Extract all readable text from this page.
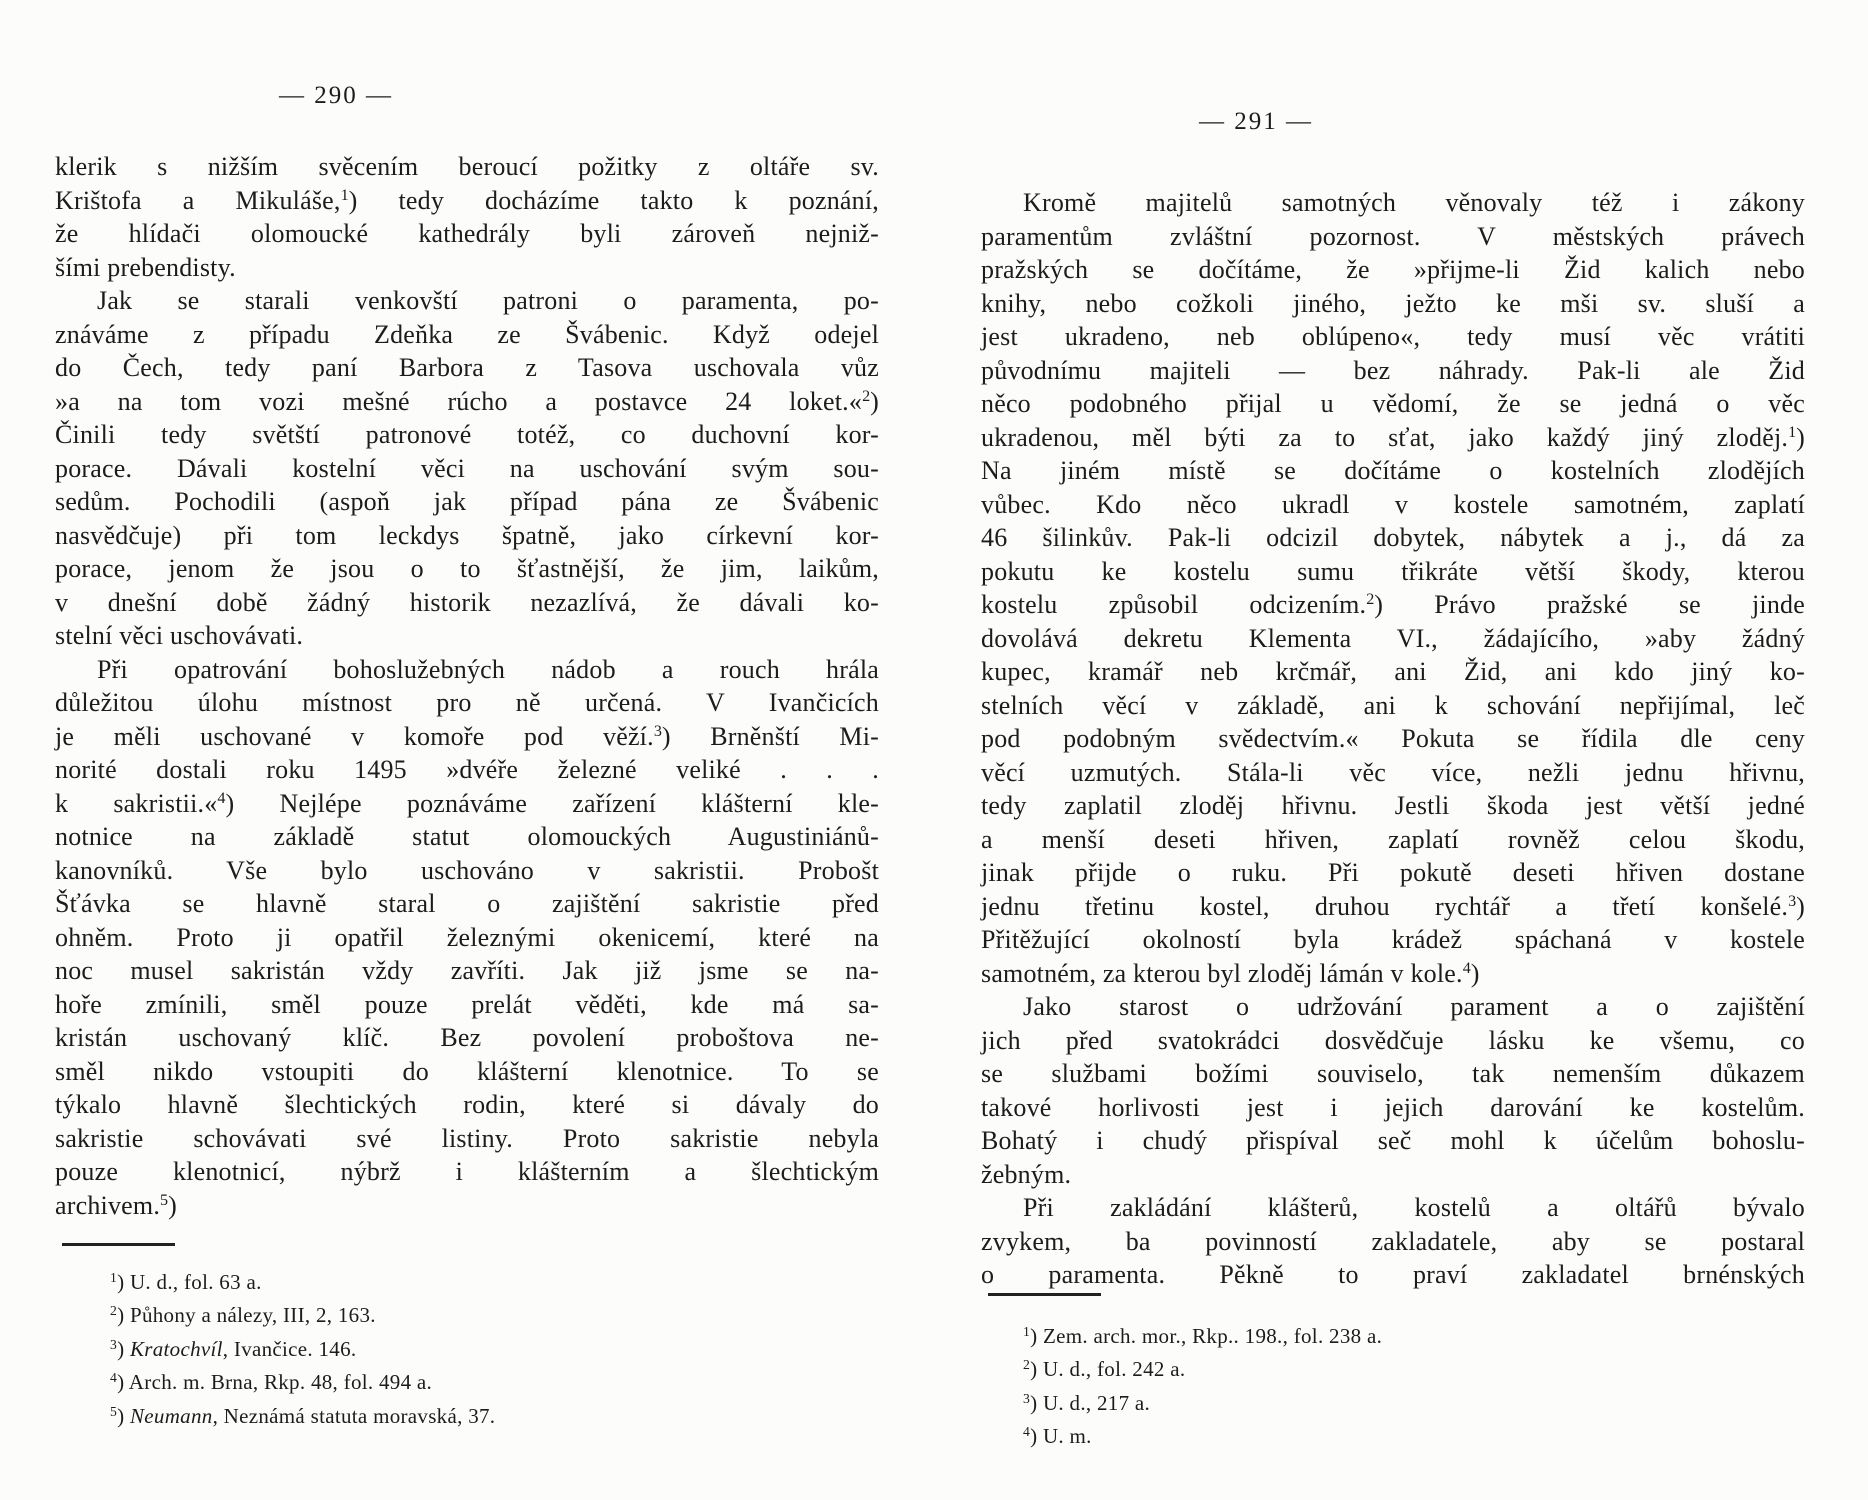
— 290 —
klerik s nižším svěcením beroucí požitky z oltáře sv.
Krištofa a Mikuláše,$^1$) tedy docházíme takto k poznání,
že hlídači olomoucké kathedrály byli zároveň nejniž-
šími prebendisty.
Jak se starali venkovští patroni o paramenta, po-
znáváme z případu Zdeňka ze Švábenic. Když odejel
do Čech, tedy paní Barbora z Tasova uschovala vůz
»a na tom vozi mešné rúcho a postavce 24 loket.«$^2$)
Činili tedy světští patronové totéž, co duchovní kor-
porace. Dávali kostelní věci na uschování svým sou-
sedům. Pochodili (aspoň jak případ pána ze Švábenic
nasvědčuje) při tom leckdys špatně, jako církevní kor-
porace, jenom že jsou o to šťastnější, že jim, laikům,
v dnešní době žádný historik nezazlívá, že dávali ko-
stelní věci uschovávati.
Při opatrování bohoslužebných nádob a rouch hrála
důležitou úlohu místnost pro ně určená. V Ivančicích
je měli uschované v komoře pod věží.$^3$) Brněnští Mi-
norité dostali roku 1495 »dvéře železné veliké . . .
k sakristii.«$^4$) Nejlépe poznáváme zařízení klášterní kle-
notnice na základě statut olomouckých Augustiniánů-
kanovníků. Vše bylo uschováno v sakristii. Probošt
Šťávka se hlavně staral o zajištění sakristie před
ohněm. Proto ji opatřil železnými okenicemí, které na
noc musel sakristán vždy zavříti. Jak již jsme se na-
hoře zmínili, směl pouze prelát věděti, kde má sa-
kristán uschovaný klíč. Bez povolení proboštova ne-
směl nikdo vstoupiti do klášterní klenotnice. To se
týkalo hlavně šlechtických rodin, které si dávaly do
sakristie schovávati své listiny. Proto sakristie nebyla
pouze klenotnicí, nýbrž i klášterním a šlechtickým
archivem.$^5$)
$^1$) U. d., fol. 63 a.
$^2$) Půhony a nálezy, III, 2, 163.
$^3$) Kratochvíl, Ivančice. 146.
$^4$) Arch. m. Brna, Rkp. 48, fol. 494 a.
$^5$) Neumann, Neznámá statuta moravská, 37.
— 291 —
Kromě majitelů samotných věnovaly též i zákony
paramentům zvláštní pozornost. V městských právech
pražských se dočítáme, že »přijme-li Žid kalich nebo
knihy, nebo cožkoli jiného, ježto ke mši sv. sluší a
jest ukradeno, neb oblúpeno«, tedy musí věc vrátiti
původnímu majiteli — bez náhrady. Pak-li ale Žid
něco podobného přijal u vědomí, že se jedná o věc
ukradenou, měl býti za to sťat, jako každý jiný zloděj.$^1$)
Na jiném místě se dočítáme o kostelních zlodějích
vůbec. Kdo něco ukradl v kostele samotném, zaplatí
46 šilinkův. Pak-li odcizil dobytek, nábytek a j., dá za
pokutu ke kostelu sumu třikráte větší škody, kterou
kostelu způsobil odcizením.$^2$) Právo pražské se jinde
dovolává dekretu Klementa VI., žádajícího, »aby žádný
kupec, kramář neb krčmář, ani Žid, ani kdo jiný ko-
stelních věcí v základě, ani k schování nepřijímal, leč
pod podobným svědectvím.« Pokuta se řídila dle ceny
věcí uzmutých. Stála-li věc více, nežli jednu hřivnu,
tedy zaplatil zloděj hřivnu. Jestli škoda jest větší jedné
a menší deseti hřiven, zaplatí rovněž celou škodu,
jinak přijde o ruku. Při pokutě deseti hřiven dostane
jednu třetinu kostel, druhou rychtář a třetí konšelé.$^3$)
Přitěžující okolností byla krádež spáchaná v kostele
samotném, za kterou byl zloděj lámán v kole.$^4$)
Jako starost o udržování parament a o zajištění
jich před svatokrádci dosvědčuje lásku ke všemu, co
se službami božími souviselo, tak nemenším důkazem
takové horlivosti jest i jejich darování ke kostelům.
Bohatý i chudý přispíval seč mohl k účelům bohoslu-
žebným.
Při zakládání klášterů, kostelů a oltářů bývalo
zvykem, ba povinností zakladatele, aby se postaral
o paramenta. Pěkně to praví zakladatel brnénských
$^1$) Zem. arch. mor., Rkp.. 198., fol. 238 a.
$^2$) U. d., fol. 242 a.
$^3$) U. d., 217 a.
$^4$) U. m.
